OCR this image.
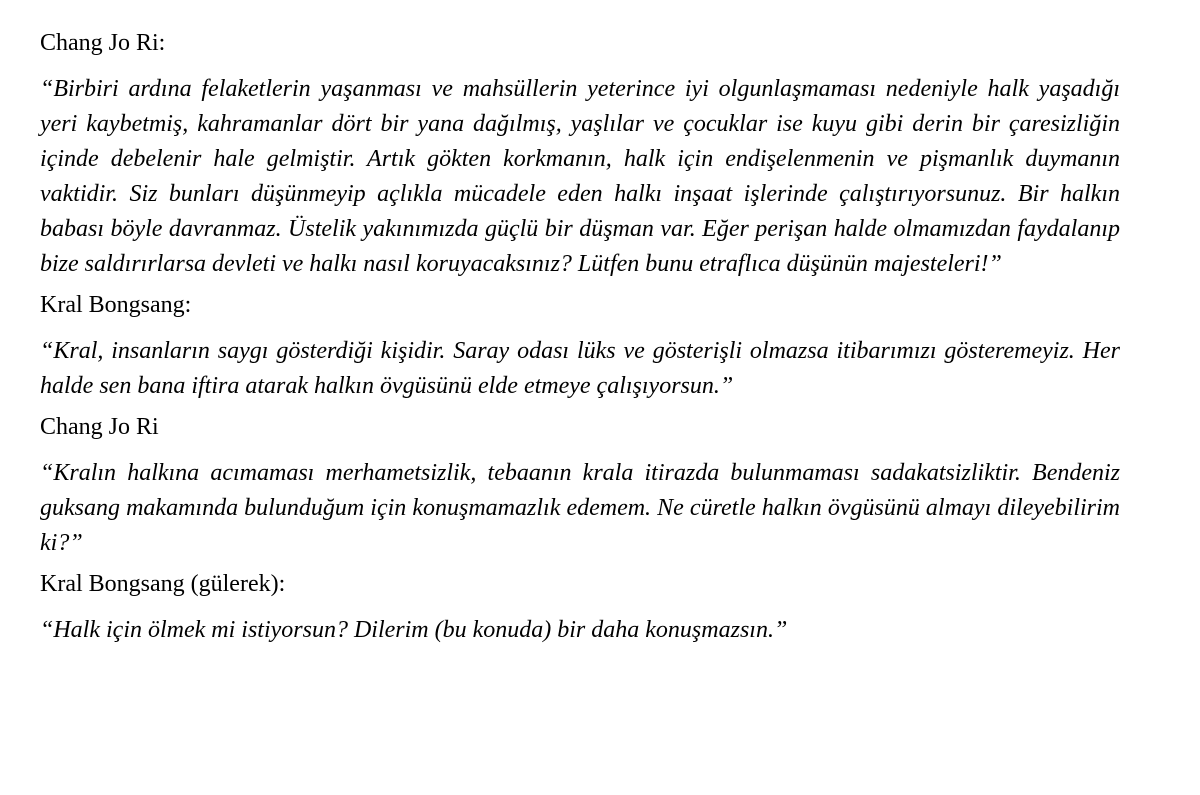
Chang Jo Ri:

“Birbiri ardına felaketlerin yaşanması ve mahsüllerin yeterince iyi olgunlaşmaması nedeniyle halk yaşadığı yeri kaybetmiş, kahramanlar dört bir yana dağılmış, yaşlılar ve çocuklar ise kuyu gibi derin bir çaresizliğin içinde debelenir hale gelmiştir. Artık gökten korkmanın, halk için endişelenmenin ve pişmanlık duymanın vaktidir. Siz bunları düşünmeyip açlıkla mücadele eden halkı inşaat işlerinde çalıştırıyorsunuz. Bir halkın babası böyle davranmaz. Üstelik yakınımızda güçlü bir düşman var. Eğer perişan halde olmamızdan faydalanıp bize saldırırlarsa devleti ve halkı nasıl koruyacaksınız? Lütfen bunu etraflıca düşünün majesteleri!”

Kral Bongsang:

“Kral, insanların saygı gösterdiği kişidir. Saray odası lüks ve gösterişli olmazsa itibarımızı gösteremeyiz. Her halde sen bana iftira atarak halkın övgüsünü elde etmeye çalışıyorsun.”

Chang Jo Ri

“Kralın halkına acımaması merhametsizlik, tebaanın krala itirazda bulunmaması sadakatsizliktir. Bendeniz guksang makamında bulunduğum için konuşmamazlık edemem. Ne cüretle halkın övgüsünü almayı dileyebilirim ki?”

Kral Bongsang (gülerek):

“Halk için ölmek mi istiyorsun? Dilerim (bu konuda) bir daha konuşmazsın.”
